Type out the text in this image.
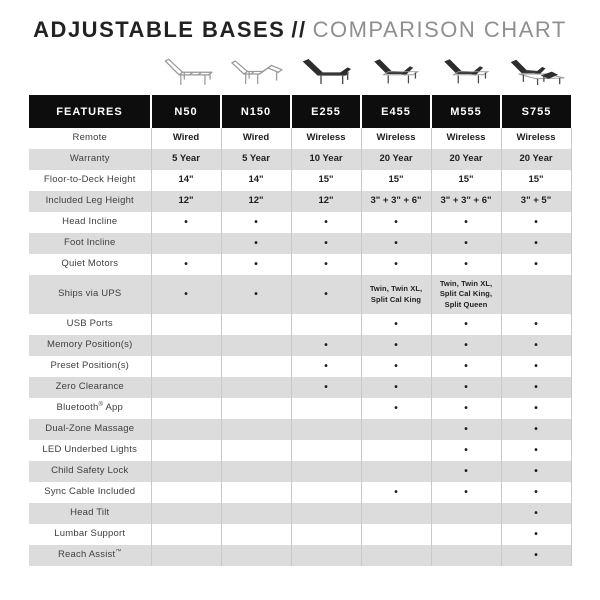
ADJUSTABLE BASES // COMPARISON CHART
FEATURES	N50	N150	E255	E455	M555	S755
Remote	Wired	Wired	Wireless	Wireless	Wireless	Wireless
Warranty	5 Year	5 Year	10 Year	20 Year	20 Year	20 Year
Floor-to-Deck Height	14"	14"	15"	15"	15"	15"
Included Leg Height	12"	12"	12"	3" + 3" + 6"	3" + 3" + 6"	3" + 5"
Head Incline	•	•	•	•	•	•
Foot Incline		•	•	•	•	•
Quiet Motors	•	•	•	•	•	•
Ships via UPS	•	•	•	Twin, Twin XL, Split Cal King	Twin, Twin XL, Split Cal King, Split Queen	
USB Ports				•	•	•
Memory Position(s)			•	•	•	•
Preset Position(s)			•	•	•	•
Zero Clearance			•	•	•	•
Bluetooth® App				•	•	•
Dual-Zone Massage					•	•
LED Underbed Lights					•	•
Child Safety Lock					•	•
Sync Cable Included				•	•	•
Head Tilt						•
Lumbar Support						•
Reach Assist™						•
